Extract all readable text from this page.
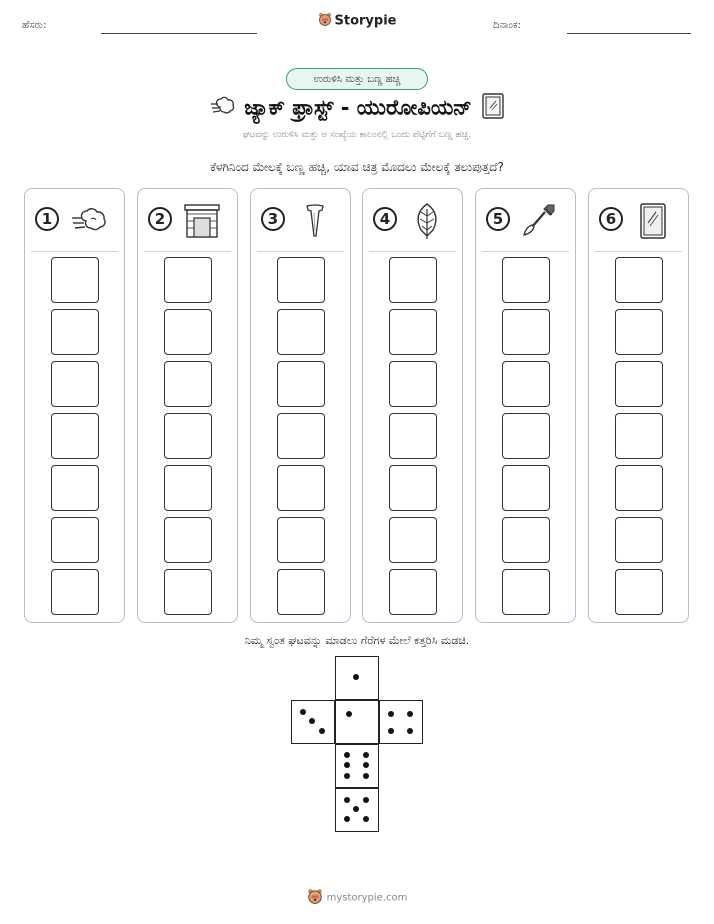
ಹೆಸರು:	Storypie	ದಿನಾಂಕ:
ಉರುಳಿಸಿ ಮತ್ತು ಬಣ್ಣ ಹಚ್ಚಿ
ಜ್ಯಾಕ್ ಫ್ರಾಸ್ಟ್ - ಯುರೋಪಿಯನ್
ಘಟವನ್ನು ಉರುಳಿಸಿ ಮತ್ತು ಆ ಸಂಖ್ಯೆಯ ಕಾಲಂನಲ್ಲಿ ಒಂದು ಪೆಟ್ಟಿಗೆಗೆ ಬಣ್ಣ ಹಚ್ಚಿ.
ಕೆಳಗಿನಿಂದ ಮೇಲಕ್ಕೆ ಬಣ್ಣ ಹಚ್ಚಿ, ಯಾವ ಚಿತ್ರ ಮೊದಲು ಮೇಲಕ್ಕೆ ತಲುಪುತ್ತದೆ?
1	2	3	4	5	6
ನಿಮ್ಮ ಸ್ವಂತ ಘಟವನ್ನು ಮಾಡಲು ಗೆರೆಗಳ ಮೇಲೆ ಕತ್ತರಿಸಿ ಮಡಚಿ.
mystorypie.com
